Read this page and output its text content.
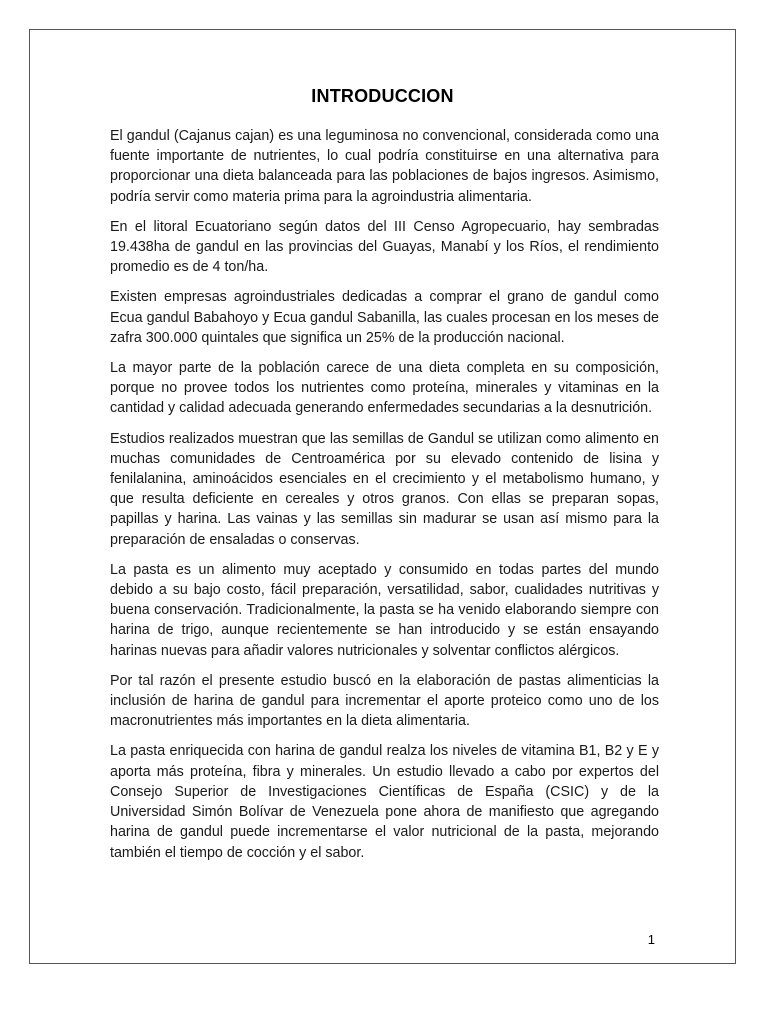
INTRODUCCION

El gandul (Cajanus cajan) es una leguminosa no convencional, considerada como una fuente importante de nutrientes, lo cual podría constituirse en una alternativa para proporcionar una dieta balanceada para las poblaciones de bajos ingresos. Asimismo, podría servir como materia prima para la agroindustria alimentaria.

En el litoral Ecuatoriano según datos del III Censo Agropecuario, hay sembradas 19.438ha de gandul en las provincias del Guayas, Manabí y los Ríos, el rendimiento promedio es de 4 ton/ha.

Existen empresas agroindustriales dedicadas a comprar el grano de gandul como Ecua gandul Babahoyo y Ecua gandul Sabanilla, las cuales procesan en los meses de zafra 300.000 quintales que significa un 25% de la producción nacional.

La mayor parte de la población carece de una dieta completa en su composición, porque no provee todos los nutrientes como proteína, minerales y vitaminas en la cantidad y calidad adecuada generando enfermedades secundarias a la desnutrición.

Estudios realizados muestran que las semillas de Gandul se utilizan como alimento en muchas comunidades de Centroamérica por su elevado contenido de lisina y fenilalanina, aminoácidos esenciales en el crecimiento y el metabolismo humano, y que resulta deficiente en cereales y otros granos. Con ellas se preparan sopas, papillas y harina. Las vainas y las semillas sin madurar se usan así mismo para la preparación de ensaladas o conservas.

La pasta es un alimento muy aceptado y consumido en todas partes del mundo debido a su bajo costo, fácil preparación, versatilidad, sabor, cualidades nutritivas y buena conservación. Tradicionalmente, la pasta se ha venido elaborando siempre con harina de trigo, aunque recientemente se han introducido y se están ensayando harinas nuevas para añadir valores nutricionales y solventar conflictos alérgicos.

Por tal razón el presente estudio buscó en la elaboración de pastas alimenticias la inclusión de harina de gandul para incrementar el aporte proteico como uno de los macronutrientes más importantes en la dieta alimentaria.

La pasta enriquecida con harina de gandul realza los niveles de vitamina B1, B2 y E y aporta más proteína, fibra y minerales. Un estudio llevado a cabo por expertos del Consejo Superior de Investigaciones Científicas de España (CSIC) y de la Universidad Simón Bolívar de Venezuela pone ahora de manifiesto que agregando harina de gandul puede incrementarse el valor nutricional de la pasta, mejorando también el tiempo de cocción y el sabor.

1
